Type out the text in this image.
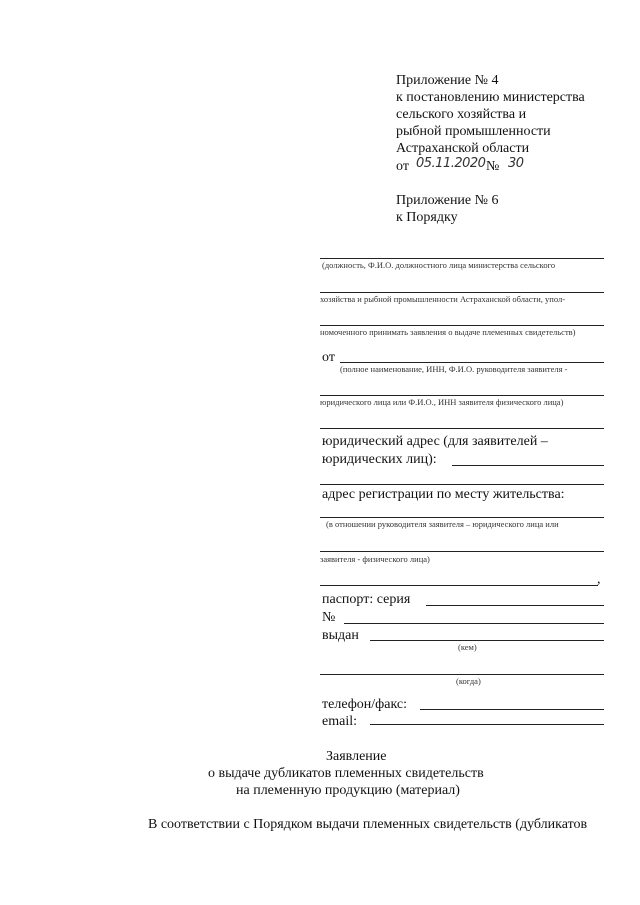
Приложение № 4
к постановлению министерства
сельского хозяйства и
рыбной промышленности
Астраханской области
от 05.11.2020 № 30
Приложение № 6
к Порядку
(должность, Ф.И.О. должностного лица министерства сельского
хозяйства и рыбной промышленности Астраханской области, упол-
номоченного принимать заявления о выдаче племенных свидетельств)
от
(полное наименование, ИНН, Ф.И.О. руководителя заявителя -
юридического лица или Ф.И.О., ИНН заявителя физического лица)
юридический адрес (для заявителей –
юридических лиц):
адрес регистрации по месту жительства:
(в отношении руководителя заявителя – юридического лица или
заявителя - физического лица)
,
паспорт: серия
№
выдан
(кем)
(когда)
телефон/факс:
email:
Заявление
о выдаче дубликатов племенных свидетельств
на племенную продукцию (материал)
В соответствии с Порядком выдачи племенных свидетельств (дубликатов
